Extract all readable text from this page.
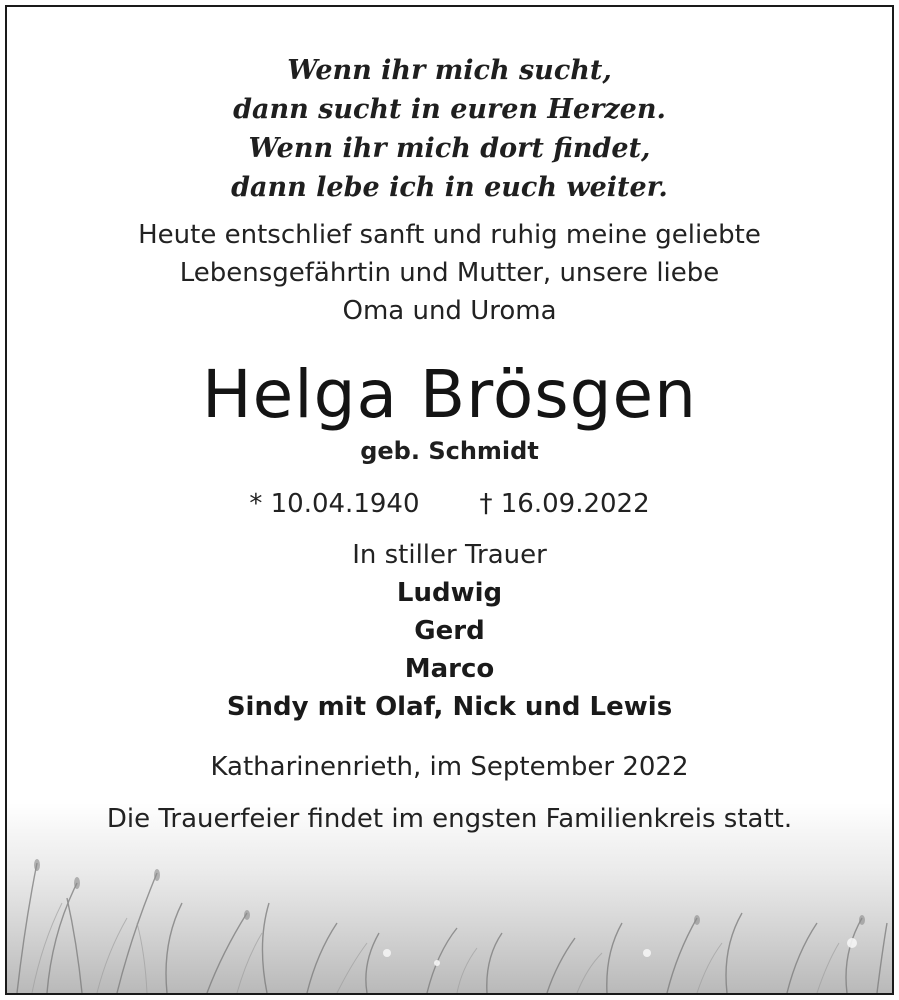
Wenn ihr mich sucht,
dann sucht in euren Herzen.
Wenn ihr mich dort findet,
dann lebe ich in euch weiter.
Heute entschlief sanft und ruhig meine geliebte
Lebensgefährtin und Mutter, unsere liebe
Oma und Uroma
Helga Brösgen
geb. Schmidt
* 10.04.1940 † 16.09.2022
In stiller Trauer
Ludwig
Gerd
Marco
Sindy mit Olaf, Nick und Lewis
Katharinenrieth, im September 2022
Die Trauerfeier findet im engsten Familienkreis statt.
